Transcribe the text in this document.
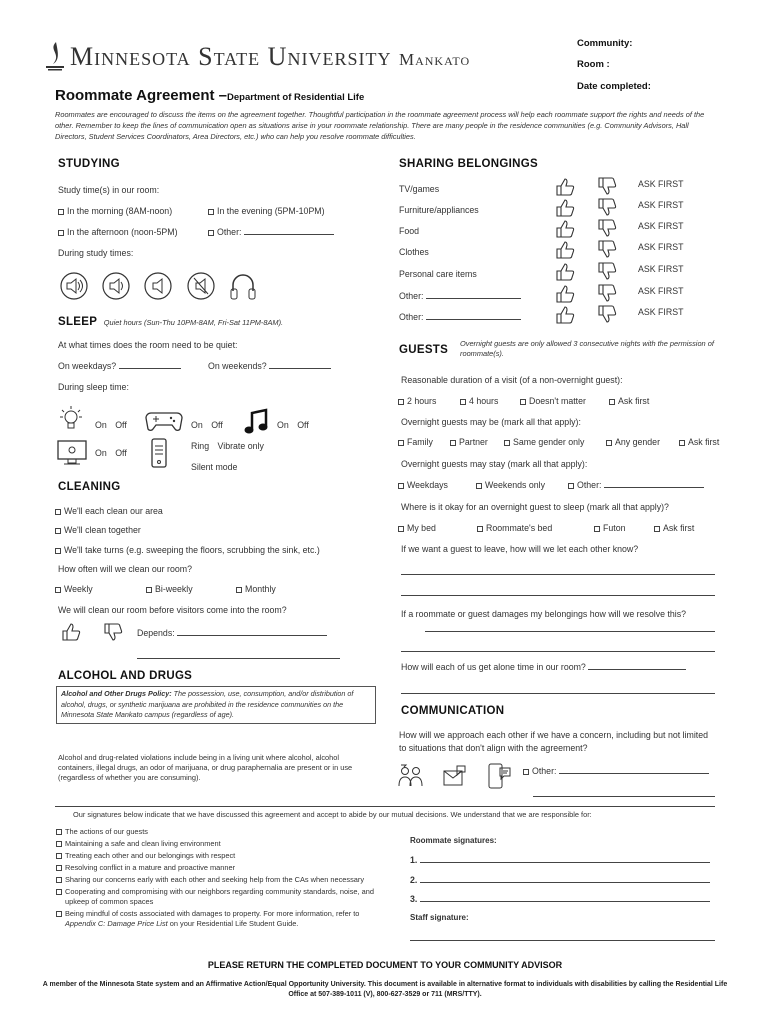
Minnesota State University Mankato
Community:
Room :
Date completed:
Roommate Agreement –Department of Residential Life
Roommates are encouraged to discuss the items on the agreement together. Thoughtful participation in the roommate agreement process will help each roommate support the rights and needs of the other. Remember to keep the lines of communication open as situations arise in your roommate relationship. There are many people in the residence communities (e.g. Community Advisors, Hall Directors, Student Services Coordinators, Area Directors, etc.) who can help you resolve roommate difficulties.
STUDYING
Study time(s) in our room:
In the morning (8AM-noon)	In the evening (5PM-10PM)
In the afternoon (noon-5PM)	Other:
During study times:
SLEEP Quiet hours (Sun-Thu 10PM-8AM, Fri-Sat 11PM-8AM).
At what times does the room need to be quiet:
On weekdays?	On weekends?
During sleep time:
On Off	On Off	On Off
On Off
Ring Vibrate only
Silent mode
CLEANING
We'll each clean our area
We'll clean together
We'll take turns (e.g. sweeping the floors, scrubbing the sink, etc.)
How often will we clean our room?
Weekly	Bi-weekly	Monthly
We will clean our room before visitors come into the room?
Depends:
ALCOHOL AND DRUGS
Alcohol and Other Drugs Policy: The possession, use, consumption, and/or distribution of alcohol, drugs, or synthetic marijuana are prohibited in the residence communities on the Minnesota State Mankato campus (regardless of age).
Alcohol and drug-related violations include being in a living unit where alcohol, alcohol containers, illegal drugs, an odor of marijuana, or drug paraphernalia are present or in use (regardless of whether you are consuming).
SHARING BELONGINGS
TV/games	ASK FIRST
Furniture/appliances	ASK FIRST
Food	ASK FIRST
Clothes	ASK FIRST
Personal care items	ASK FIRST
Other:	ASK FIRST
Other:	ASK FIRST
GUESTS
Overnight guests are only allowed 3 consecutive nights with the permission of roommate(s).
Reasonable duration of a visit (of a non-overnight guest):
2 hours	4 hours	Doesn't matter	Ask first
Overnight guests may be (mark all that apply):
Family	Partner	Same gender only	Any gender	Ask first
Overnight guests may stay (mark all that apply):
Weekdays	Weekends only	Other:
Where is it okay for an overnight guest to sleep (mark all that apply)?
My bed	Roommate's bed	Futon	Ask first
If we want a guest to leave, how will we let each other know?
If a roommate or guest damages my belongings how will we resolve this?
How will each of us get alone time in our room?
COMMUNICATION
How will we approach each other if we have a concern, including but not limited to situations that don't align with the agreement?
Other:
Our signatures below indicate that we have discussed this agreement and accept to abide by our mutual decisions. We understand that we are responsible for:
The actions of our guests
Maintaining a safe and clean living environment
Treating each other and our belongings with respect
Resolving conflict in a mature and proactive manner
Sharing our concerns early with each other and seeking help from the CAs when necessary
Cooperating and compromising with our neighbors regarding community standards, noise, and upkeep of common spaces
Being mindful of costs associated with damages to property. For more information, refer to Appendix C: Damage Price List on your Residential Life Student Guide.
Roommate signatures:
1.
2.
3.
Staff signature:
PLEASE RETURN THE COMPLETED DOCUMENT TO YOUR COMMUNITY ADVISOR
A member of the Minnesota State system and an Affirmative Action/Equal Opportunity University. This document is available in alternative format to individuals with disabilities by calling the Residential Life Office at 507-389-1011 (V), 800-627-3529 or 711 (MRS/TTY).
